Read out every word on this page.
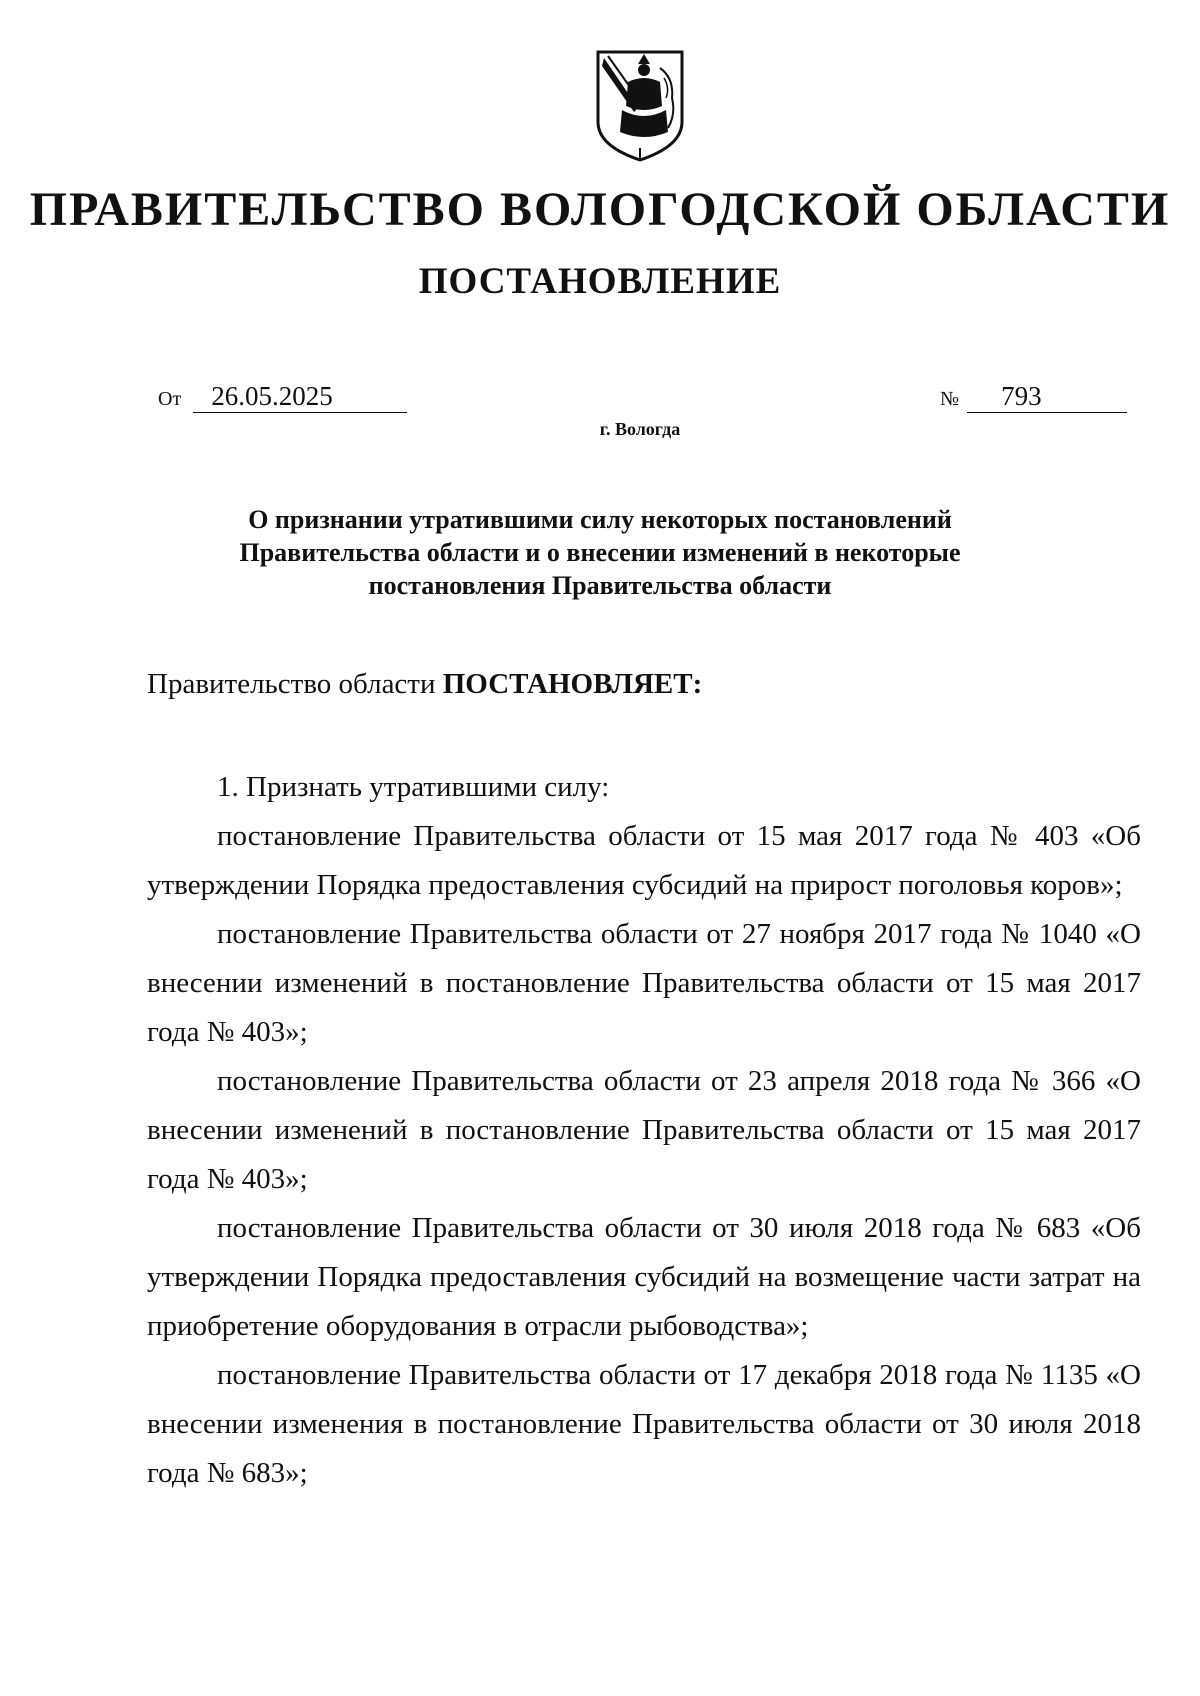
ПРАВИТЕЛЬСТВО ВОЛОГОДСКОЙ ОБЛАСТИ
ПОСТАНОВЛЕНИЕ
От	26.05.2025	№	793
г. Вологда
О признании утратившими силу некоторых постановлений
Правительства области и о внесении изменений в некоторые
постановления Правительства области
Правительство области ПОСТАНОВЛЯЕТ:

1. Признать утратившими силу:

постановление Правительства области от 15 мая 2017 года № 403 «Об утверждении Порядка предоставления субсидий на прирост поголовья коров»;

постановление Правительства области от 27 ноября 2017 года № 1040 «О внесении изменений в постановление Правительства области от 15 мая 2017 года № 403»;

постановление Правительства области от 23 апреля 2018 года № 366 «О внесении изменений в постановление Правительства области от 15 мая 2017 года № 403»;

постановление Правительства области от 30 июля 2018 года № 683 «Об утверждении Порядка предоставления субсидий на возмещение части затрат на приобретение оборудования в отрасли рыбоводства»;

постановление Правительства области от 17 декабря 2018 года № 1135 «О внесении изменения в постановление Правительства области от 30 июля 2018 года № 683»;
